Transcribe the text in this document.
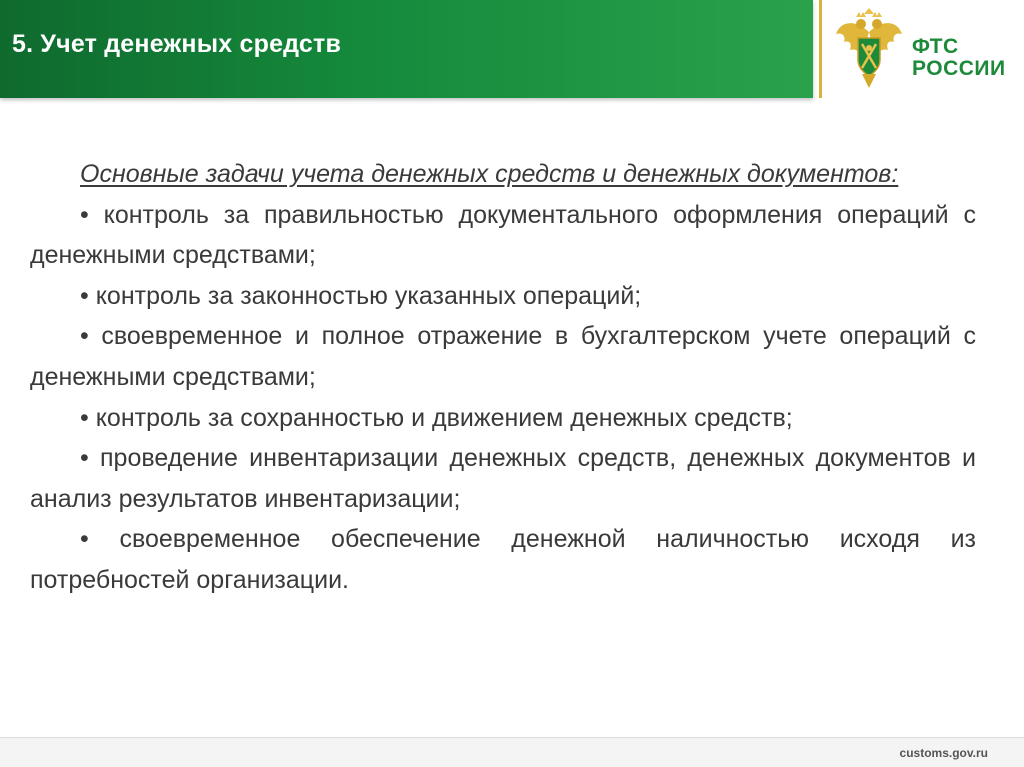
5. Учет денежных средств	ФТС
РОССИИ

Основные задачи учета денежных средств и денежных документов:

• контроль за правильностью документального оформления операций с денежными средствами;

• контроль за законностью указанных операций;

• своевременное и полное отражение в бухгалтерском учете операций с денежными средствами;

• контроль за сохранностью и движением денежных средств;

• проведение инвентаризации денежных средств, денежных документов и анализ результатов инвентаризации;

• своевременное обеспечение денежной наличностью исходя из потребностей организации.

customs.gov.ru
